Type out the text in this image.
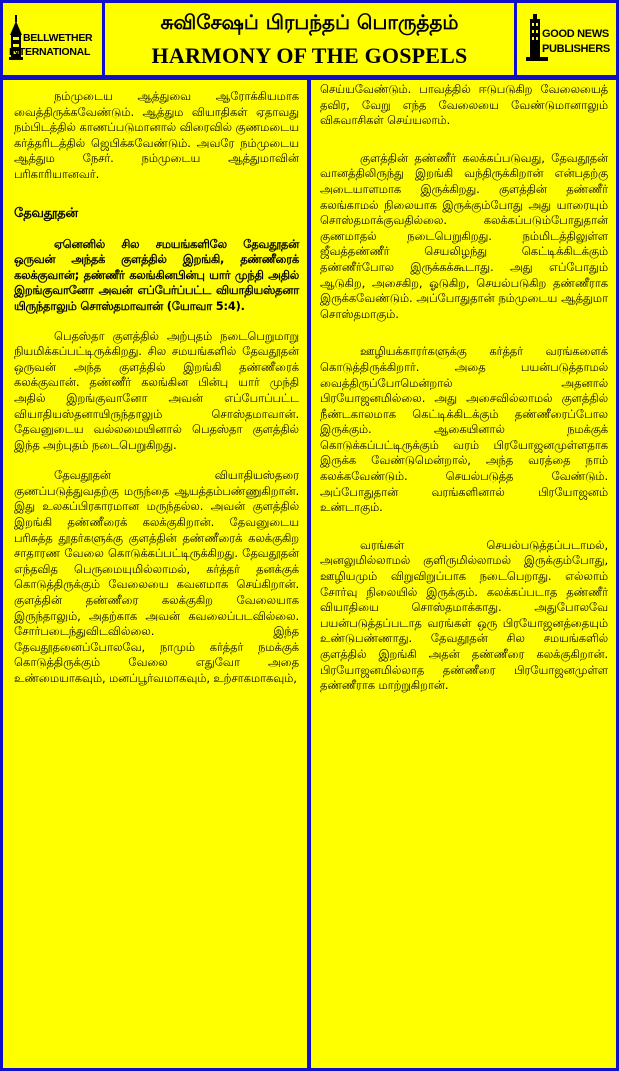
BELLWETHER
INTERNATIONAL
சுவிசேஷப் பிரபந்தப் பொருத்தம்
HARMONY OF THE GOSPELS
GOOD NEWS
PUBLISHERS

நம்முடைய ஆத்துவை ஆரோக்கியமாக வைத்திருக்கவேண்டும். ஆத்தும வியாதிகள் ஏதாவது நம்பிடத்தில் காணப்படுமானால் விரைவில் குணமடைய கர்த்தரிடத்தில் ஜெபிக்கவேண்டும். அவரே நம்முடைய ஆத்தும நேசர். நம்முடைய ஆத்துமாவின் பரிகாரியானவர்.

தேவதூதன்

ஏனெனில் சில சமயங்களிலே தேவதூதன் ஒருவன் அந்தக் குளத்தில் இறங்கி, தண்ணீரைக் கலக்குவான்; தண்ணீர் கலங்கினபின்பு யார் முந்தி அதில் இறங்குவானோ அவன் எப்பேர்ப்பட்ட வியாதியஸ்தனா யிருந்தாலும் சொஸ்தமாவான் (யோவா 5:4).

பெதஸ்தா குளத்தில் அற்புதம் நடைபெறுமாறு நியமிக்கப்பட்டிருக்கிறது. சில சமயங்களில் தேவதூதன் ஒருவன் அந்த குளத்தில் இறங்கி தண்ணீரைக் கலக்குவான். தண்ணீர் கலங்கின பின்பு யார் முந்தி அதில் இறங்குவானோ அவன் எப்போப்பட்ட வியாதியஸ்தனாயிருந்தாலும் சொஸ்தமாவான். தேவனுடைய வல்லமையினால் பெதஸ்தா குளத்தில் இந்த அற்புதம் நடைபெறுகிறது.

தேவதூதன் வியாதியஸ்தரை குணப்படுத்துவதற்கு மருந்தை ஆயத்தம்பண்ணுகிறான். இது உலகப்பிரகாரமான மருந்தல்ல. அவன் குளத்தில் இறங்கி தண்ணீரைக் கலக்குகிறான். தேவனுடைய பரிசுத்த தூதர்களுக்கு குளத்தின் தண்ணீரைக் கலக்குகிற சாதாரண வேலை கொடுக்கப்பட்டிருக்கிறது. தேவதூதன் எந்தவித பெருமையுமில்லாமல், கர்த்தர் தனக்குக் கொடுத்திருக்கும் வேலையை கவனமாக செய்கிறான். குளத்தின் தண்ணீரை கலக்குகிற வேலையாக இருந்தாலும், அதற்காக அவன் கவலைப்படவில்லை. சோர்படைந்துவிடவில்லை. இந்த தேவதூதனைப்போலவே, நாமும் கர்த்தர் நமக்குக் கொடுத்திருக்கும் வேலை எதுவோ அதை உண்மையாகவும், மனப்பூர்வமாகவும், உற்சாகமாகவும்,

செய்யவேண்டும். பாவத்தில் ஈடுபடுகிற வேலையைத் தவிர, வேறு எந்த வேலையை வேண்டுமானாலும் விசுவாசிகள் செய்யலாம்.

குளத்தின் தண்ணீர் கலக்கப்படுவது, தேவதூதன் வானத்திலிருந்து இறங்கி வந்திருக்கிறான் என்பதற்கு அடையாளமாக இருக்கிறது. குளத்தின் தண்ணீர் கலங்காமல் நிலையாக இருக்கும்போது அது யாரையும் சொஸ்தமாக்குவதில்லை. கலக்கப்படும்போதுதான் குணமாதல் நடைபெறுகிறது. நம்மிடத்திலுள்ள ஜீவத்தண்ணீர் செயலிழந்து கெட்டிக்கிடக்கும் தண்ணீர்போல இருக்கக்கூடாது. அது எப்போதும் ஆடுகிற, அசைகிற, ஓடுகிற, செயல்படுகிற தண்ணீராக இருக்கவேண்டும். அப்போதுதான் நம்முடைய ஆத்துமா சொஸ்தமாகும்.

ஊழியக்காரர்களுக்கு கர்த்தர் வரங்களைக் கொடுத்திருக்கிறார். அதை பயன்படுத்தாமல் வைத்திருப்போமென்றால் அதனால் பிரயோஜனமில்லை. அது அசைவில்லாமல் குளத்தில் நீண்டகாலமாக கெட்டிக்கிடக்கும் தண்ணீரைப்போல இருக்கும். ஆகையினால் நமக்குக் கொடுக்கப்பட்டிருக்கும் வரம் பிரயோஜனமுள்ளதாக இருக்க வேண்டுமென்றால், அந்த வரத்தை நாம் கலக்கவேண்டும். செயல்படுத்த வேண்டும். அப்போதுதான் வரங்களினால் பிரயோஜனம் உண்டாகும்.

வரங்கள் செயல்படுத்தப்படாமல், அனலுமில்லாமல் குளிருமில்லாமல் இருக்கும்போது, ஊழியமும் விறுவிறுப்பாக நடைபெறாது. எல்லாம் சோர்வு நிலையில் இருக்கும். கலக்கப்படாத தண்ணீர் வியாதியை சொஸ்தமாக்காது. அதுபோலவே பயன்படுத்தப்படாத வரங்கள் ஒரு பிரயோஜனத்தையும் உண்டுபண்ணாது. தேவதூதன் சில சமயங்களில் குளத்தில் இறங்கி அதன் தண்ணீரை கலக்குகிறான். பிரயோஜனமில்லாத தண்ணீரை பிரயோஜனமுள்ள தண்ணீராக மாற்றுகிறான்.
